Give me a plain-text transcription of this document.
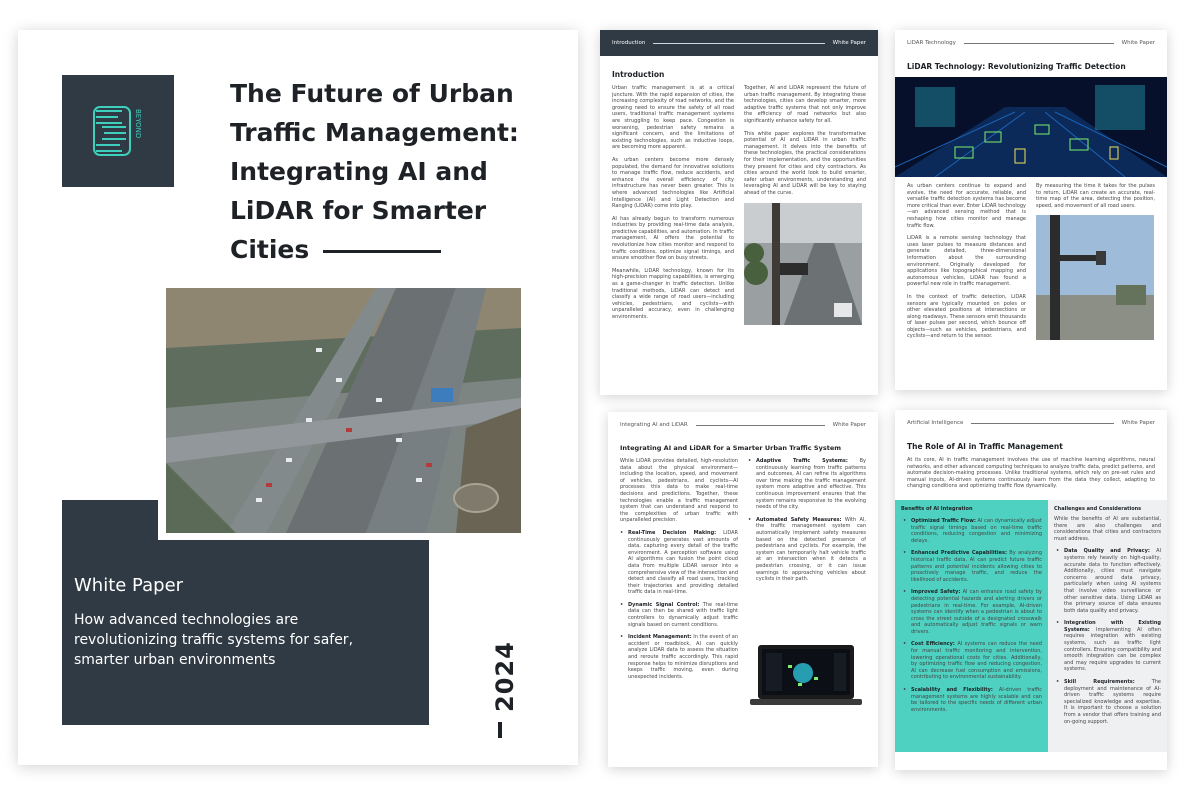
BEYOND
The Future of Urban Traffic Management: Integrating AI and LiDAR for Smarter Cities
White Paper
How advanced technologies are revolutionizing traffic systems for safer, smarter urban environments	2024
Introduction	White Paper
Introduction

Urban traffic management is at a critical juncture. With the rapid expansion of cities, the increasing complexity of road networks, and the growing need to ensure the safety of all road users, traditional traffic management systems are struggling to keep pace. Congestion is worsening, pedestrian safety remains a significant concern, and the limitations of existing technologies, such as inductive loops, are becoming more apparent.

As urban centers become more densely populated, the demand for innovative solutions to manage traffic flow, reduce accidents, and enhance the overall efficiency of city infrastructure has never been greater. This is where advanced technologies like Artificial Intelligence (AI) and Light Detection and Ranging (LiDAR) come into play.

AI has already begun to transform numerous industries by providing real-time data analysis, predictive capabilities, and automation. In traffic management, AI offers the potential to revolutionize how cities monitor and respond to traffic conditions, optimize signal timings, and ensure smoother flow on busy streets.

Meanwhile, LiDAR technology, known for its high-precision mapping capabilities, is emerging as a game-changer in traffic detection. Unlike traditional methods, LiDAR can detect and classify a wide range of road users—including vehicles, pedestrians, and cyclists—with unparalleled accuracy, even in challenging environments.

Together, AI and LiDAR represent the future of urban traffic management. By integrating these technologies, cities can develop smarter, more adaptive traffic systems that not only improve the efficiency of road networks but also significantly enhance safety for all.

This white paper explores the transformative potential of AI and LiDAR in urban traffic management. It delves into the benefits of these technologies, the practical considerations for their implementation, and the opportunities they present for cities and city contractors. As cities around the world look to build smarter, safer urban environments, understanding and leveraging AI and LiDAR will be key to staying ahead of the curve.

LiDAR Technology	White Paper
LiDAR Technology: Revolutionizing Traffic Detection

As urban centers continue to expand and evolve, the need for accurate, reliable, and versatile traffic detection systems has become more critical than ever. Enter LiDAR technology—an advanced sensing method that is reshaping how cities monitor and manage traffic flow.

LiDAR is a remote sensing technology that uses laser pulses to measure distances and generate detailed, three-dimensional information about the surrounding environment. Originally developed for applications like topographical mapping and autonomous vehicles, LiDAR has found a powerful new role in traffic management.

In the context of traffic detection, LiDAR sensors are typically mounted on poles or other elevated positions at intersections or along roadways. These sensors emit thousands of laser pulses per second, which bounce off objects—such as vehicles, pedestrians, and cyclists—and return to the sensor.

By measuring the time it takes for the pulses to return, LiDAR can create an accurate, real-time map of the area, detecting the position, speed, and movement of all road users.

Integrating AI and LiDAR	White Paper
Integrating AI and LiDAR for a Smarter Urban Traffic System

While LiDAR provides detailed, high-resolution data about the physical environment—including the location, speed, and movement of vehicles, pedestrians, and cyclists—AI processes this data to make real-time decisions and predictions. Together, these technologies enable a traffic management system that can understand and respond to the complexities of urban traffic with unparalleled precision.

• Real-Time Decision Making: LiDAR continuously generates vast amounts of data, capturing every detail of the traffic environment. A perception software using AI algorithms can fusion the point cloud data from multiple LiDAR sensor into a comprehensive view of the intersection and detect and classify all road users, tracking their trajectories and providing detailed traffic data in real-time.
• Dynamic Signal Control: The real-time data can then be shared with traffic light controllers to dynamically adjust traffic signals based on current conditions.
• Incident Management: In the event of an accident or roadblock, AI can quickly analyze LiDAR data to assess the situation and reroute traffic accordingly. This rapid response helps to minimize disruptions and keeps traffic moving, even during unexpected incidents.
• Adaptive Traffic Systems: By continuously learning from traffic patterns and outcomes, AI can refine its algorithms over time making the traffic management system more adaptive and effective. This continuous improvement ensures that the system remains responsive to the evolving needs of the city.
• Automated Safety Measures: With AI, the traffic management system can automatically implement safety measures based on the detected presence of pedestrians and cyclists. For example, the system can temporarily halt vehicle traffic at an intersection when it detects a pedestrian crossing, or it can issue warnings to approaching vehicles about cyclists in their path.
Artificial Intelligence	White Paper
The Role of AI in Traffic Management
At its core, AI in traffic management involves the use of machine learning algorithms, neural networks, and other advanced computing techniques to analyze traffic data, predict patterns, and automate decision-making processes. Unlike traditional systems, which rely on pre-set rules and manual inputs, AI-driven systems continuously learn from the data they collect, adapting to changing conditions and optimizing traffic flow dynamically.
Benefits of AI Integration
• Optimized Traffic Flow: AI can dynamically adjust traffic signal timings based on real-time traffic conditions, reducing congestion and minimizing delays.
• Enhanced Predictive Capabilities: By analyzing historical traffic data, AI can predict future traffic patterns and potential incidents allowing cities to proactively manage traffic, and reduce the likelihood of accidents.
• Improved Safety: AI can enhance road safety by detecting potential hazards and alerting drivers or pedestrians in real-time. For example, AI-driven systems can identify when a pedestrian is about to cross the street outside of a designated crosswalk and automatically adjust traffic signals or warn drivers.
• Cost Efficiency: AI systems can reduce the need for manual traffic monitoring and intervention, lowering operational costs for cities. Additionally, by optimizing traffic flow and reducing congestion, AI can decrease fuel consumption and emissions, contributing to environmental sustainability.
• Scalability and Flexibility: AI-driven traffic management systems are highly scalable and can be tailored to the specific needs of different urban environments.
Challenges and Considerations
While the benefits of AI are substantial, there are also challenges and considerations that cities and contractors must address.
• Data Quality and Privacy: AI systems rely heavily on high-quality, accurate data to function effectively. Additionally, cities must navigate concerns around data privacy, particularly when using AI systems that involve video surveillance or other sensitive data. Using LiDAR as the primary source of data ensures both data quality and privacy.
• Integration with Existing Systems: Implementing AI often requires integration with existing systems, such as traffic light controllers. Ensuring compatibility and smooth integration can be complex and may require upgrades to current systems.
• Skill Requirements: The deployment and maintenance of AI-driven traffic systems require specialized knowledge and expertise. It is important to choose a solution from a vendor that offers training and on-going support.
